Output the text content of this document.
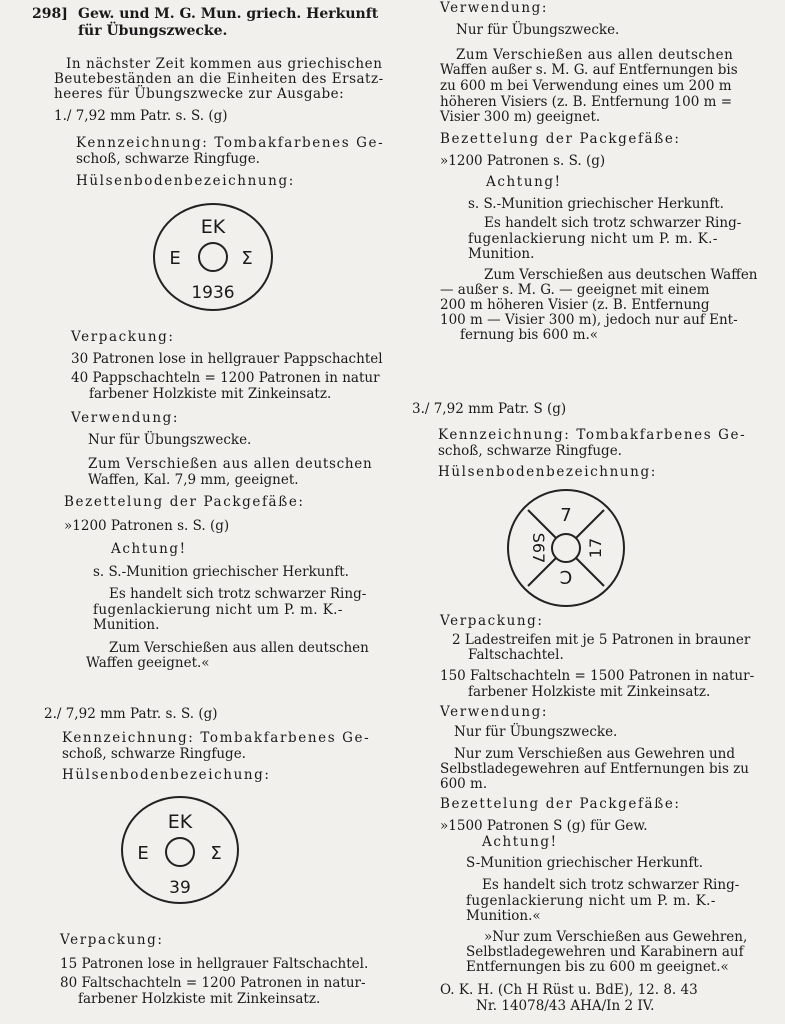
298] Gew. und M. G. Mun. griech. Herkunft
für Übungszwecke.
In nächster Zeit kommen aus griechischen
Beutebeständen an die Einheiten des Ersatz-
heeres für Übungszwecke zur Ausgabe:
1./ 7,92 mm Patr. s. S. (g)
Kennzeichnung: Tombakfarbenes Ge-
schoß, schwarze Ringfuge.
Hülsenbodenbezeichnung:
EK
E	Σ
1936
Verpackung:
30 Patronen lose in hellgrauer Pappschachtel
40 Pappschachteln = 1200 Patronen in natur
farbener Holzkiste mit Zinkeinsatz.
Verwendung:
Nur für Übungszwecke.
Zum Verschießen aus allen deutschen
Waffen, Kal. 7,9 mm, geeignet.
Bezettelung der Packgefäße:
»1200 Patronen s. S. (g)
Achtung!
s. S.-Munition griechischer Herkunft.
Es handelt sich trotz schwarzer Ring-
fugenlackierung nicht um P. m. K.-
Munition.
Zum Verschießen aus allen deutschen
Waffen geeignet.«
2./ 7,92 mm Patr. s. S. (g)
Kennzeichnung: Tombakfarbenes Ge-
schoß, schwarze Ringfuge.
Hülsenbodenbezeichung:
EK
E	Σ
39
Verpackung:
15 Patronen lose in hellgrauer Faltschachtel.
80 Faltschachteln = 1200 Patronen in natur-
farbener Holzkiste mit Zinkeinsatz.
Verwendung:
Nur für Übungszwecke.
Zum Verschießen aus allen deutschen
Waffen außer s. M. G. auf Entfernungen bis
zu 600 m bei Verwendung eines um 200 m
höheren Visiers (z. B. Entfernung 100 m =
Visier 300 m) geeignet.
Bezettelung der Packgefäße:
»1200 Patronen s. S. (g)
Achtung!
s. S.-Munition griechischer Herkunft.
Es handelt sich trotz schwarzer Ring-
fugenlackierung nicht um P. m. K.-
Munition.
Zum Verschießen aus deutschen Waffen
— außer s. M. G. — geeignet mit einem
200 m höheren Visier (z. B. Entfernung
100 m — Visier 300 m), jedoch nur auf Ent-
fernung bis 600 m.«
3./ 7,92 mm Patr. S (g)
Kennzeichnung: Tombakfarbenes Ge-
schoß, schwarze Ringfuge.
Hülsenbodenbezeichnung:
7
S67 17
C
Verpackung:
2 Ladestreifen mit je 5 Patronen in brauner
Faltschachtel.
150 Faltschachteln = 1500 Patronen in natur-
farbener Holzkiste mit Zinkeinsatz.
Verwendung:
Nur für Übungszwecke.
Nur zum Verschießen aus Gewehren und
Selbstladegewehren auf Entfernungen bis zu
600 m.
Bezettelung der Packgefäße:
»1500 Patronen S (g) für Gew.
Achtung!
S-Munition griechischer Herkunft.
Es handelt sich trotz schwarzer Ring-
fugenlackierung nicht um P. m. K.-
Munition.«
»Nur zum Verschießen aus Gewehren,
Selbstladegewehren und Karabinern auf
Entfernungen bis zu 600 m geeignet.«
O. K. H. (Ch H Rüst u. BdE), 12. 8. 43
Nr. 14078/43 AHA/In 2 IV.
